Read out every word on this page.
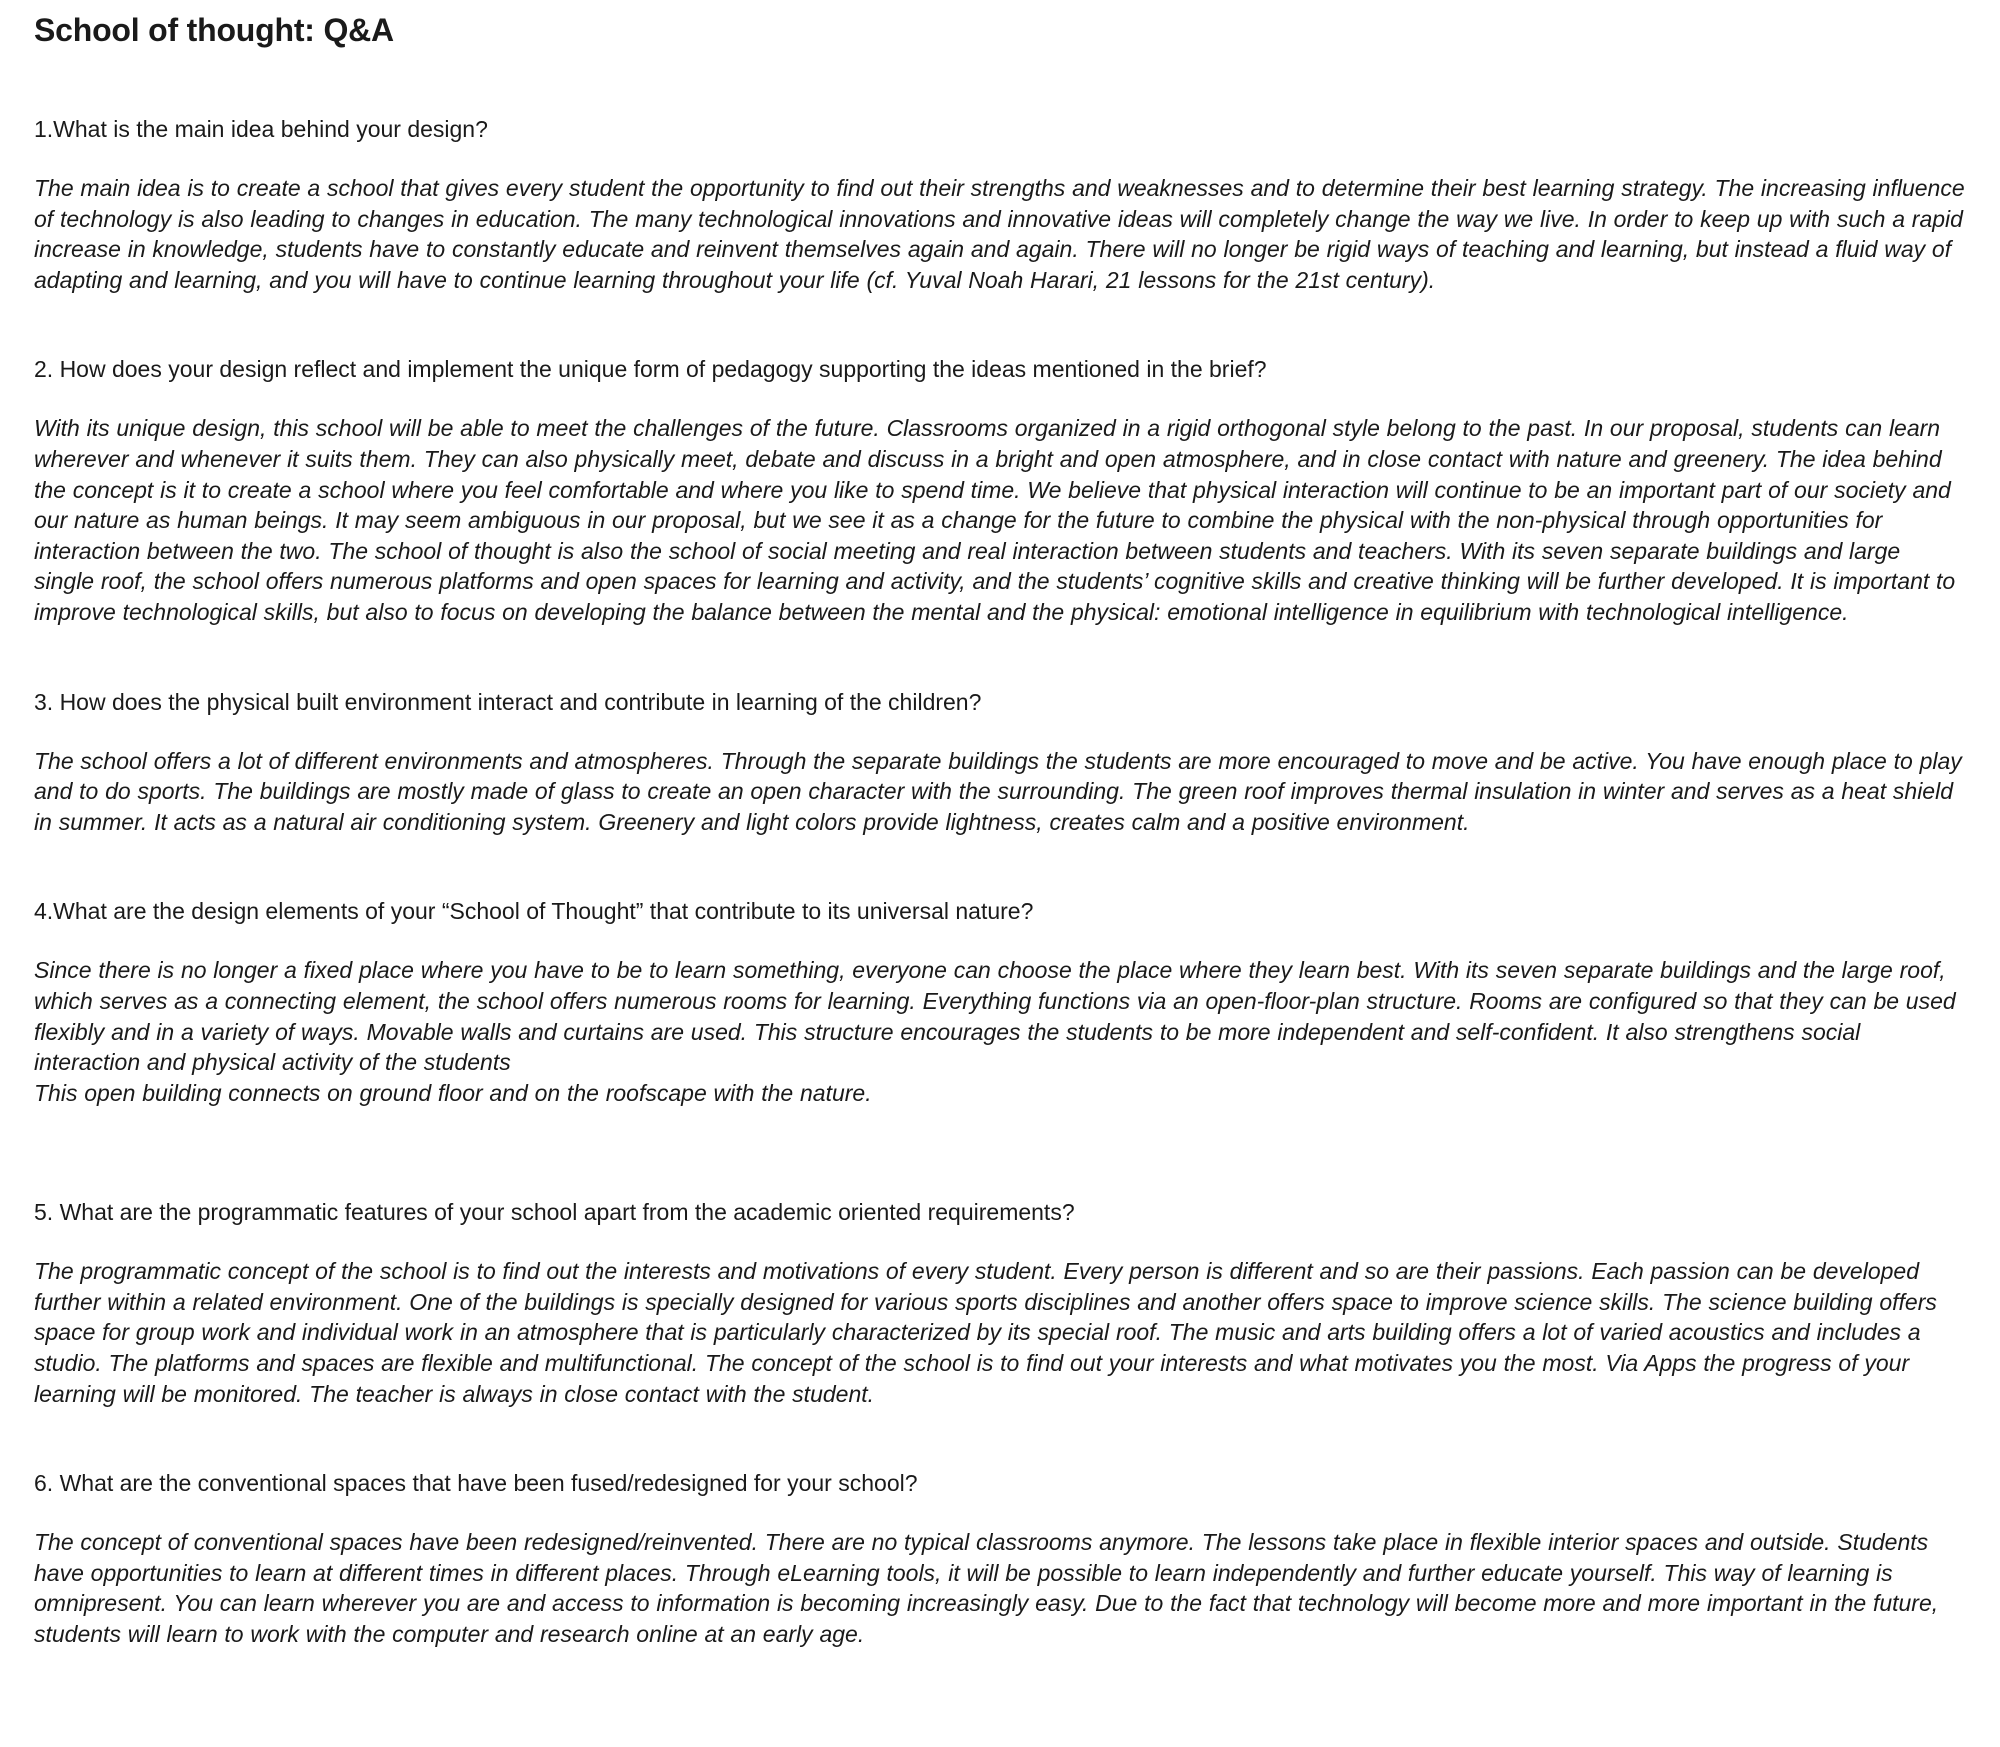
School of thought: Q&A

1.What is the main idea behind your design?

The main idea is to create a school that gives every student the opportunity to find out their strengths and weaknesses and to determine their best learning strategy. The increasing influence of technology is also leading to changes in education. The many technological innovations and innovative ideas will completely change the way we live. In order to keep up with such a rapid increase in knowledge, students have to constantly educate and reinvent themselves again and again. There will no longer be rigid ways of teaching and learning, but instead a fluid way of adapting and learning, and you will have to continue learning throughout your life (cf. Yuval Noah Harari, 21 lessons for the 21st century).

2. How does your design reflect and implement the unique form of pedagogy supporting the ideas mentioned in the brief?

With its unique design, this school will be able to meet the challenges of the future. Classrooms organized in a rigid orthogonal style belong to the past. In our proposal, students can learn wherever and whenever it suits them. They can also physically meet, debate and discuss in a bright and open atmosphere, and in close contact with nature and greenery. The idea behind the concept is it to create a school where you feel comfortable and where you like to spend time. We believe that physical interaction will continue to be an important part of our society and our nature as human beings. It may seem ambiguous in our proposal, but we see it as a change for the future to combine the physical with the non-physical through opportunities for interaction between the two. The school of thought is also the school of social meeting and real interaction between students and teachers. With its seven separate buildings and large single roof, the school offers numerous platforms and open spaces for learning and activity, and the students’ cognitive skills and creative thinking will be further developed. It is important to improve technological skills, but also to focus on developing the balance between the mental and the physical: emotional intelligence in equilibrium with technological intelligence.

3. How does the physical built environment interact and contribute in learning of the children?

The school offers a lot of different environments and atmospheres. Through the separate buildings the students are more encouraged to move and be active. You have enough place to play and to do sports. The buildings are mostly made of glass to create an open character with the surrounding. The green roof improves thermal insulation in winter and serves as a heat shield in summer. It acts as a natural air conditioning system. Greenery and light colors provide lightness, creates calm and a positive environment.

4.What are the design elements of your “School of Thought” that contribute to its universal nature?

Since there is no longer a fixed place where you have to be to learn something, everyone can choose the place where they learn best. With its seven separate buildings and the large roof, which serves as a connecting element, the school offers numerous rooms for learning. Everything functions via an open-floor-plan structure. Rooms are configured so that they can be used flexibly and in a variety of ways. Movable walls and curtains are used. This structure encourages the students to be more independent and self-confident. It also strengthens social interaction and physical activity of the students
This open building connects on ground floor and on the roofscape with the nature.

5. What are the programmatic features of your school apart from the academic oriented requirements?

The programmatic concept of the school is to find out the interests and motivations of every student. Every person is different and so are their passions. Each passion can be developed further within a related environment. One of the buildings is specially designed for various sports disciplines and another offers space to improve science skills. The science building offers space for group work and individual work in an atmosphere that is particularly characterized by its special roof. The music and arts building offers a lot of varied acoustics and includes a studio. The platforms and spaces are flexible and multifunctional. The concept of the school is to find out your interests and what motivates you the most. Via Apps the progress of your learning will be monitored. The teacher is always in close contact with the student.

6. What are the conventional spaces that have been fused/redesigned for your school?

The concept of conventional spaces have been redesigned/reinvented. There are no typical classrooms anymore. The lessons take place in flexible interior spaces and outside. Students have opportunities to learn at different times in different places. Through eLearning tools, it will be possible to learn independently and further educate yourself. This way of learning is omnipresent. You can learn wherever you are and access to information is becoming increasingly easy. Due to the fact that technology will become more and more important in the future, students will learn to work with the computer and research online at an early age.
